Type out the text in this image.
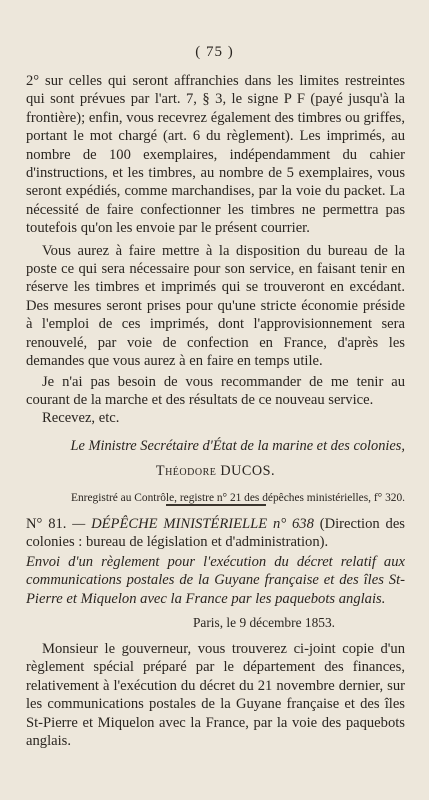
( 75 )

2° sur celles qui seront affranchies dans les limites restreintes qui sont prévues par l'art. 7, § 3, le signe P F (payé jusqu'à la frontière); enfin, vous recevrez également des timbres ou griffes, portant le mot chargé (art. 6 du règlement). Les imprimés, au nombre de 100 exemplaires, indépendamment du cahier d'instructions, et les timbres, au nombre de 5 exemplaires, vous seront expédiés, comme marchandises, par la voie du packet. La nécessité de faire confectionner les timbres ne permettra pas toutefois qu'on les envoie par le présent courrier.

Vous aurez à faire mettre à la disposition du bureau de la poste ce qui sera nécessaire pour son service, en faisant tenir en réserve les timbres et imprimés qui se trouveront en excédant. Des mesures seront prises pour qu'une stricte économie préside à l'emploi de ces imprimés, dont l'approvisionnement sera renouvelé, par voie de confection en France, d'après les demandes que vous aurez à en faire en temps utile.

Je n'ai pas besoin de vous recommander de me tenir au courant de la marche et des résultats de ce nouveau service.

Recevez, etc.

Le Ministre Secrétaire d'État de la marine et des colonies,
Théodore DUCOS.
Enregistré au Contrôle, registre n° 21 des dépêches ministérielles, f° 320.

N° 81. — DÉPÊCHE MINISTÉRIELLE n° 638 (Direction des colonies : bureau de législation et d'administration).

Envoi d'un règlement pour l'exécution du décret relatif aux communications postales de la Guyane française et des îles St-Pierre et Miquelon avec la France par les paquebots anglais.

Paris, le 9 décembre 1853.

Monsieur le gouverneur, vous trouverez ci-joint copie d'un règlement spécial préparé par le département des finances, relativement à l'exécution du décret du 21 novembre dernier, sur les communications postales de la Guyane française et des îles St-Pierre et Miquelon avec la France, par la voie des paquebots anglais.
